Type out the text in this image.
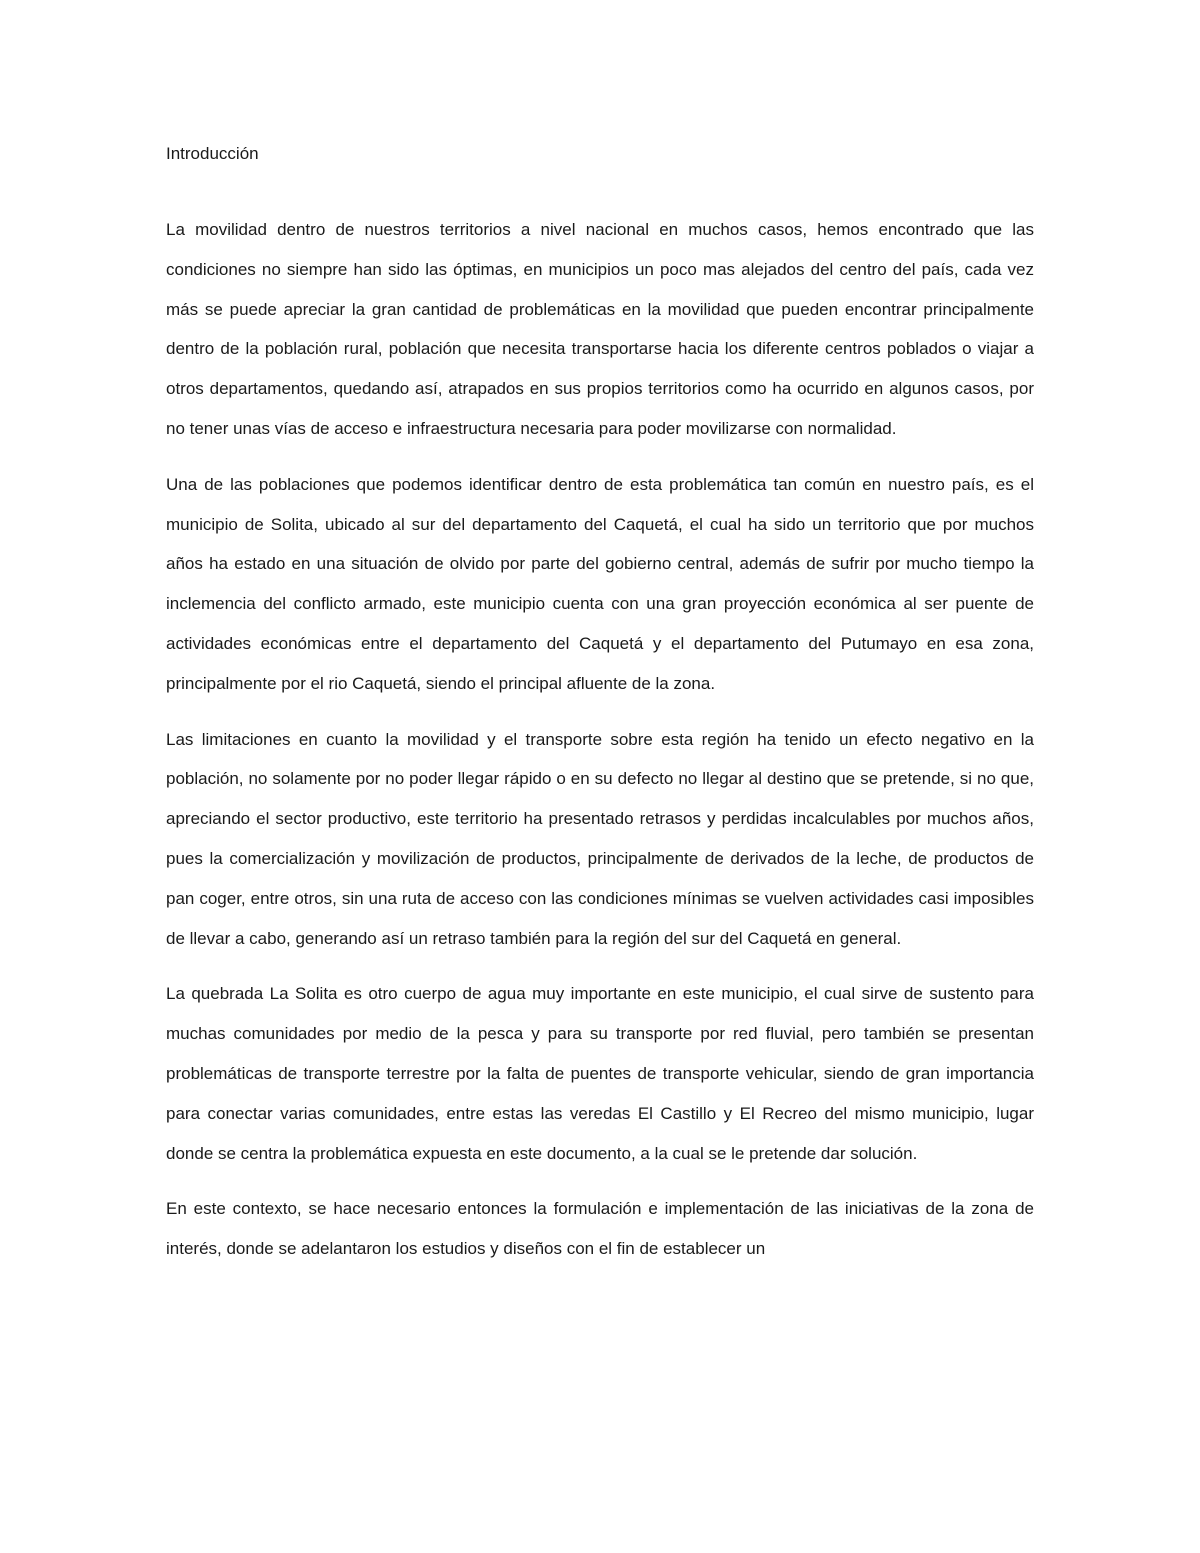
Introducción

La movilidad dentro de nuestros territorios a nivel nacional en muchos casos, hemos encontrado que las condiciones no siempre han sido las óptimas, en municipios un poco mas alejados del centro del país, cada vez más se puede apreciar la gran cantidad de problemáticas en la movilidad que pueden encontrar principalmente dentro de la población rural, población que necesita transportarse hacia los diferente centros poblados o viajar a otros departamentos, quedando así, atrapados en sus propios territorios como ha ocurrido en algunos casos, por no tener unas vías de acceso e infraestructura necesaria para poder movilizarse con normalidad.

Una de las poblaciones que podemos identificar dentro de esta problemática tan común en nuestro país, es el municipio de Solita, ubicado al sur del departamento del Caquetá, el cual ha sido un territorio que por muchos años ha estado en una situación de olvido por parte del gobierno central, además de sufrir por mucho tiempo la inclemencia del conflicto armado, este municipio cuenta con una gran proyección económica al ser puente de actividades económicas entre el departamento del Caquetá y el departamento del Putumayo en esa zona, principalmente por el rio Caquetá, siendo el principal afluente de la zona.

Las limitaciones en cuanto la movilidad y el transporte sobre esta región ha tenido un efecto negativo en la población, no solamente por no poder llegar rápido o en su defecto no llegar al destino que se pretende, si no que, apreciando el sector productivo, este territorio ha presentado retrasos y perdidas incalculables por muchos años, pues la comercialización y movilización de productos, principalmente de derivados de la leche, de productos de pan coger, entre otros, sin una ruta de acceso con las condiciones mínimas se vuelven actividades casi imposibles de llevar a cabo, generando así un retraso también para la región del sur del Caquetá en general.

La quebrada La Solita es otro cuerpo de agua muy importante en este municipio, el cual sirve de sustento para muchas comunidades por medio de la pesca y para su transporte por red fluvial, pero también se presentan problemáticas de transporte terrestre por la falta de puentes de transporte vehicular, siendo de gran importancia para conectar varias comunidades, entre estas las veredas El Castillo y El Recreo del mismo municipio, lugar donde se centra la problemática expuesta en este documento, a la cual se le pretende dar solución.

En este contexto, se hace necesario entonces la formulación e implementación de las iniciativas de la zona de interés, donde se adelantaron los estudios y diseños con el fin de establecer un
